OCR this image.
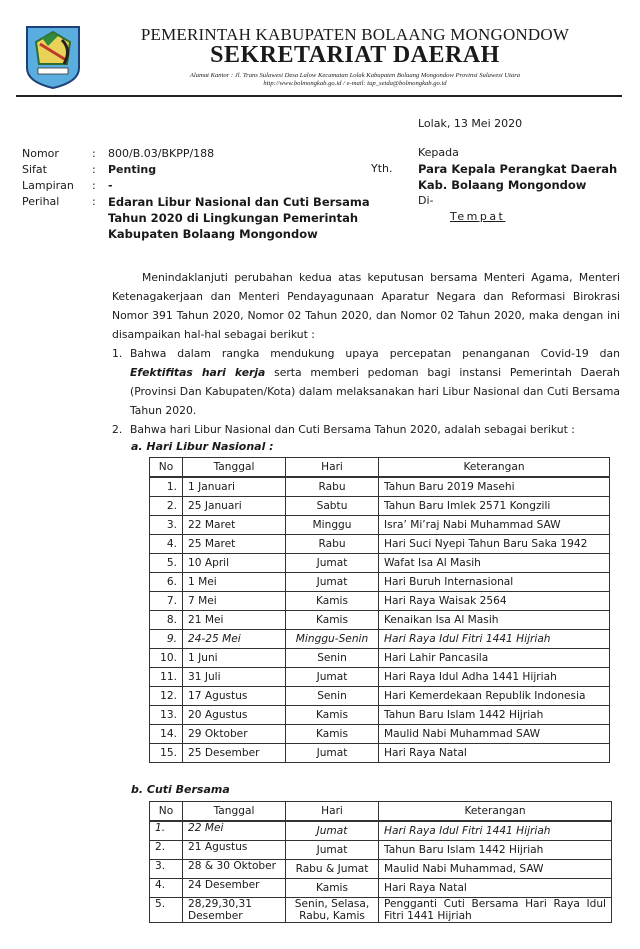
PEMERINTAH KABUPATEN BOLAANG MONGONDOW
SEKRETARIAT DAERAH
Alamat Kantor : Jl. Trans Sulawesi Desa Lalow Kecamatan Lolak Kabupaten Bolaang Mongondow Provinsi Sulawesi Utara
http://www.bolmongkab.go.id / e-mail: tup_setda@bolmongkab.go.id
Lolak, 13 Mei 2020
Kepada
Yth. Para Kepala Perangkat Daerah
Kab. Bolaang Mongondow
Di-
Tempat
Nomor	:	800/B.03/BKPP/188
Sifat	:	Penting
Lampiran	:	-
Perihal	:	Edaran Libur Nasional dan Cuti Bersama Tahun 2020 di Lingkungan Pemerintah Kabupaten Bolaang Mongondow
Menindaklanjuti perubahan kedua atas keputusan bersama Menteri Agama, Menteri Ketenagakerjaan dan Menteri Pendayagunaan Aparatur Negara dan Reformasi Birokrasi Nomor 391 Tahun 2020, Nomor 02 Tahun 2020, dan Nomor 02 Tahun 2020, maka dengan ini disampaikan hal-hal sebagai berikut :
1. Bahwa dalam rangka mendukung upaya percepatan penanganan Covid-19 dan Efektifitas hari kerja serta memberi pedoman bagi instansi Pemerintah Daerah (Provinsi Dan Kabupaten/Kota) dalam melaksanakan hari Libur Nasional dan Cuti Bersama Tahun 2020.
2. Bahwa hari Libur Nasional dan Cuti Bersama Tahun 2020, adalah sebagai berikut :
a. Hari Libur Nasional :
No	Tanggal	Hari	Keterangan
1.	1 Januari	Rabu	Tahun Baru 2019 Masehi
2.	25 Januari	Sabtu	Tahun Baru Imlek 2571 Kongzili
3.	22 Maret	Minggu	Isra’ Mi’raj Nabi Muhammad SAW
4.	25 Maret	Rabu	Hari Suci Nyepi Tahun Baru Saka 1942
5.	10 April	Jumat	Wafat Isa Al Masih
6.	1 Mei	Jumat	Hari Buruh Internasional
7.	7 Mei	Kamis	Hari Raya Waisak 2564
8.	21 Mei	Kamis	Kenaikan Isa Al Masih
9.	24-25 Mei	Minggu-Senin	Hari Raya Idul Fitri 1441 Hijriah
10.	1 Juni	Senin	Hari Lahir Pancasila
11.	31 Juli	Jumat	Hari Raya Idul Adha 1441 Hijriah
12.	17 Agustus	Senin	Hari Kemerdekaan Republik Indonesia
13.	20 Agustus	Kamis	Tahun Baru Islam 1442 Hijriah
14.	29 Oktober	Kamis	Maulid Nabi Muhammad SAW
15.	25 Desember	Jumat	Hari Raya Natal
b. Cuti Bersama
No	Tanggal	Hari	Keterangan
1.	22 Mei	Jumat	Hari Raya Idul Fitri 1441 Hijriah
2.	21 Agustus	Jumat	Tahun Baru Islam 1442 Hijriah
3.	28 & 30 Oktober	Rabu & Jumat	Maulid Nabi Muhammad, SAW
4.	24 Desember	Kamis	Hari Raya Natal
5.	28,29,30,31 Desember	Senin, Selasa, Rabu, Kamis	Pengganti Cuti Bersama Hari Raya Idul Fitri 1441 Hijriah
